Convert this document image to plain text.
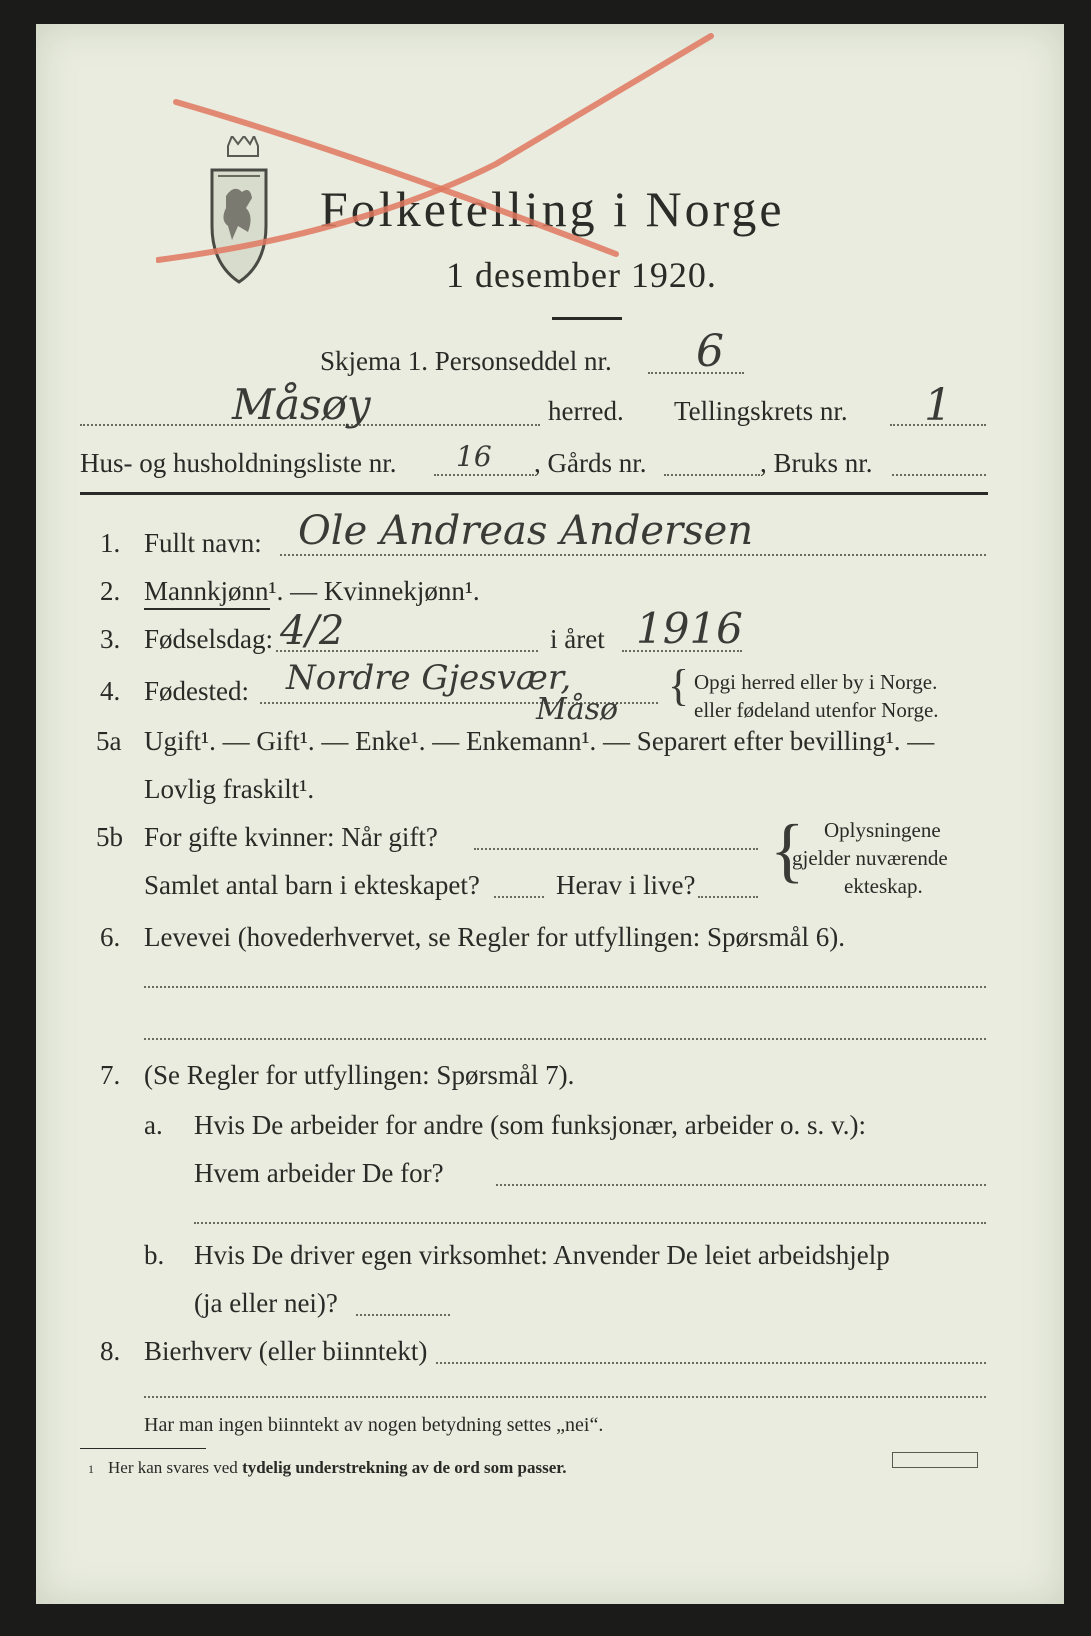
Folketelling i Norge
1 desember 1920.
Skjema 1. Personseddel nr. 6
Måsøy	herred. Tellingskrets nr. 1
Hus- og husholdningsliste nr. 16 , Gårds nr.	, Bruks nr.
1. Fullt navn: Ole Andreas Andersen
2. Mannkjønn¹. — Kvinnekjønn¹.
3. Fødselsdag: 4/2	i året 1916
4. Fødested: Nordre Gjesvær,
Måsø { Opgi herred eller by i Norge.
eller fødeland utenfor Norge.
5a Ugift¹. — Gift¹. — Enke¹. — Enkemann¹. — Separert efter bevilling¹. —
Lovlig fraskilt¹.
5b For gifte kvinner: Når gift?
Samlet antal barn i ekteskapet?	Herav i live? { Oplysningene
gjelder nuværende
ekteskap.
6. Levevei (hovederhvervet, se Regler for utfyllingen: Spørsmål 6).
7. (Se Regler for utfyllingen: Spørsmål 7).
a. Hvis De arbeider for andre (som funksjonær, arbeider o. s. v.):
Hvem arbeider De for?
b. Hvis De driver egen virksomhet: Anvender De leiet arbeidshjelp
(ja eller nei)?
8. Bierhverv (eller biinntekt)
Har man ingen biinntekt av nogen betydning settes „nei“.
1 Her kan svares ved tydelig understrekning av de ord som passer.
